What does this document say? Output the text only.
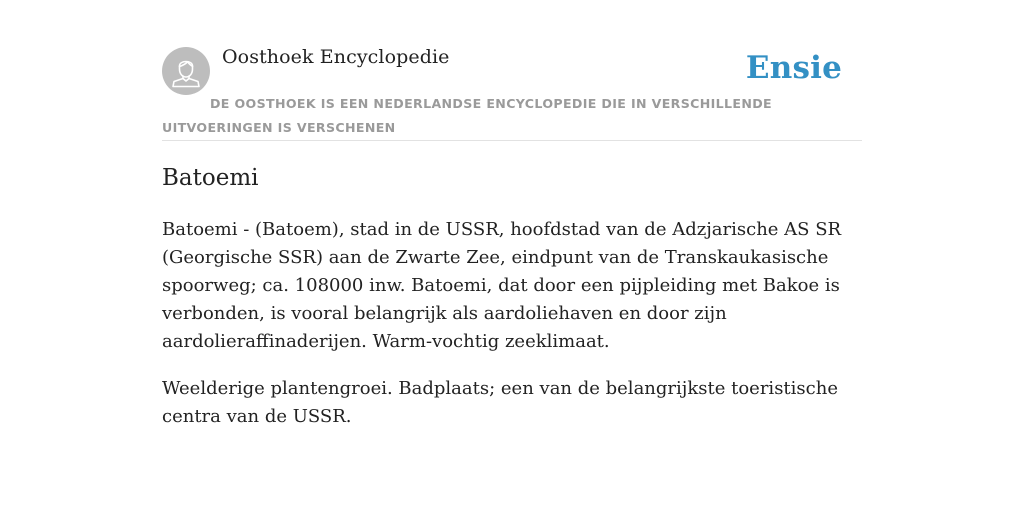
Oosthoek Encyclopedie	Ensie
DE OOSTHOEK IS EEN NEDERLANDSE ENCYCLOPEDIE DIE IN VERSCHILLENDE UITVOERINGEN IS VERSCHENEN
Batoemi

Batoemi - (Batoem), stad in de USSR, hoofdstad van de Adzjarische AS SR (Georgische SSR) aan de Zwarte Zee, eindpunt van de Transkaukasische spoorweg; ca. 108000 inw. Batoemi, dat door een pijpleiding met Bakoe is verbonden, is vooral belangrijk als aardoliehaven en door zijn aardolieraffinaderijen. Warm-vochtig zeeklimaat.

Weelderige plantengroei. Badplaats; een van de belangrijkste toeristische centra van de USSR.
